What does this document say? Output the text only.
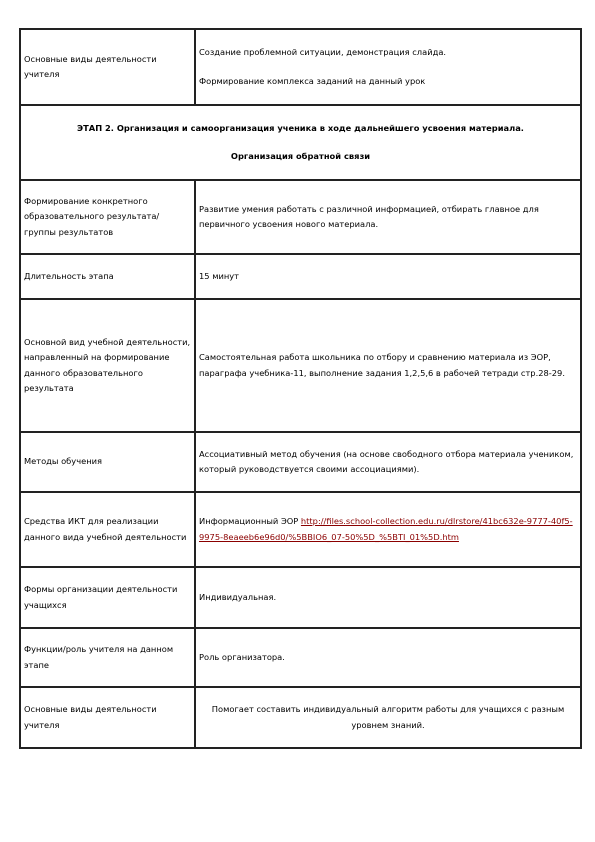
Основные виды деятельности учителя	Создание проблемной ситуации, демонстрация слайда.
Формирование комплекса заданий на данный урок

ЭТАП 2. Организация и самоорганизация ученика в ходе дальнейшего усвоения материала.
Организация обратной связи	

Формирование конкретного образовательного результата/группы результатов	Развитие умения работать с различной информацией, отбирать главное для первичного усвоения нового материала.
Длительность этапа	15 минут
Основной вид учебной деятельности, направленный на формирование данного образовательного результата	Самостоятельная работа школьника по отбору и сравнению материала из ЭОР, параграфа учебника-11, выполнение задания 1,2,5,6 в рабочей тетради стр.28-29.
Методы обучения	Ассоциативный метод обучения (на основе свободного отбора материала учеником, который руководствуется своими ассоциациями).
Средства ИКТ для реализации данного вида учебной деятельности	Информационный ЭОР http://files.school-collection.edu.ru/dlrstore/41bc632e-9777-40f5-9975-8eaeeb6e96d0/%5BBIO6_07-50%5D_%5BTI_01%5D.htm
Формы организации деятельности учащихся	Индивидуальная.
Функции/роль учителя на данном этапе	Роль организатора.
Основные виды деятельности учителя	Помогает составить индивидуальный алгоритм работы для учащихся с разным уровнем знаний.
